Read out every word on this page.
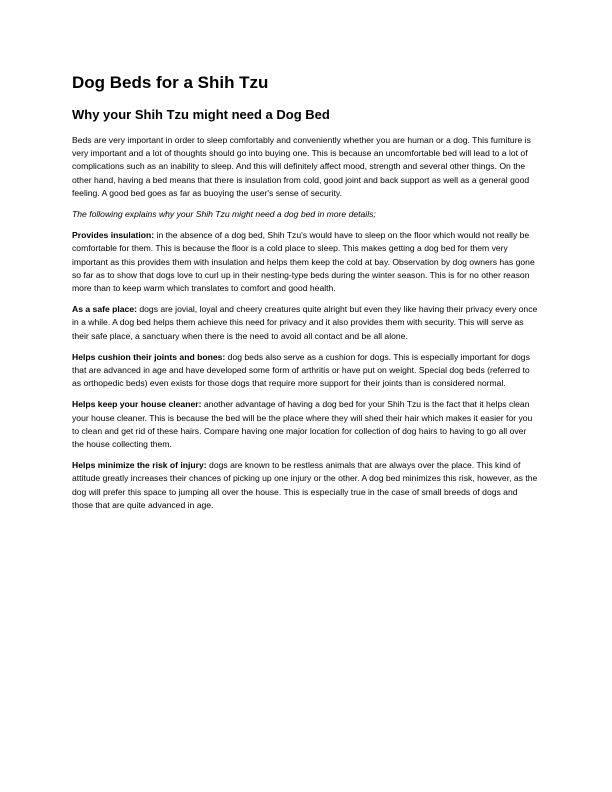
Dog Beds for a Shih Tzu
Why your Shih Tzu might need a Dog Bed

Beds are very important in order to sleep comfortably and conveniently whether you are human or a dog. This furniture is very important and a lot of thoughts should go into buying one. This is because an uncomfortable bed will lead to a lot of complications such as an inability to sleep. And this will definitely affect mood, strength and several other things. On the other hand, having a bed means that there is insulation from cold, good joint and back support as well as a general good feeling. A good bed goes as far as buoying the user's sense of security.

The following explains why your Shih Tzu might need a dog bed in more details;

Provides insulation: in the absence of a dog bed, Shih Tzu's would have to sleep on the floor which would not really be comfortable for them. This is because the floor is a cold place to sleep. This makes getting a dog bed for them very important as this provides them with insulation and helps them keep the cold at bay. Observation by dog owners has gone so far as to show that dogs love to curl up in their nesting-type beds during the winter season. This is for no other reason more than to keep warm which translates to comfort and good health.

As a safe place: dogs are jovial, loyal and cheery creatures quite alright but even they like having their privacy every once in a while. A dog bed helps them achieve this need for privacy and it also provides them with security. This will serve as their safe place, a sanctuary when there is the need to avoid all contact and be all alone.

Helps cushion their joints and bones: dog beds also serve as a cushion for dogs. This is especially important for dogs that are advanced in age and have developed some form of arthritis or have put on weight. Special dog beds (referred to as orthopedic beds) even exists for those dogs that require more support for their joints than is considered normal.

Helps keep your house cleaner: another advantage of having a dog bed for your Shih Tzu is the fact that it helps clean your house cleaner. This is because the bed will be the place where they will shed their hair which makes it easier for you to clean and get rid of these hairs. Compare having one major location for collection of dog hairs to having to go all over the house collecting them.

Helps minimize the risk of injury: dogs are known to be restless animals that are always over the place. This kind of attitude greatly increases their chances of picking up one injury or the other. A dog bed minimizes this risk, however, as the dog will prefer this space to jumping all over the house. This is especially true in the case of small breeds of dogs and those that are quite advanced in age.
